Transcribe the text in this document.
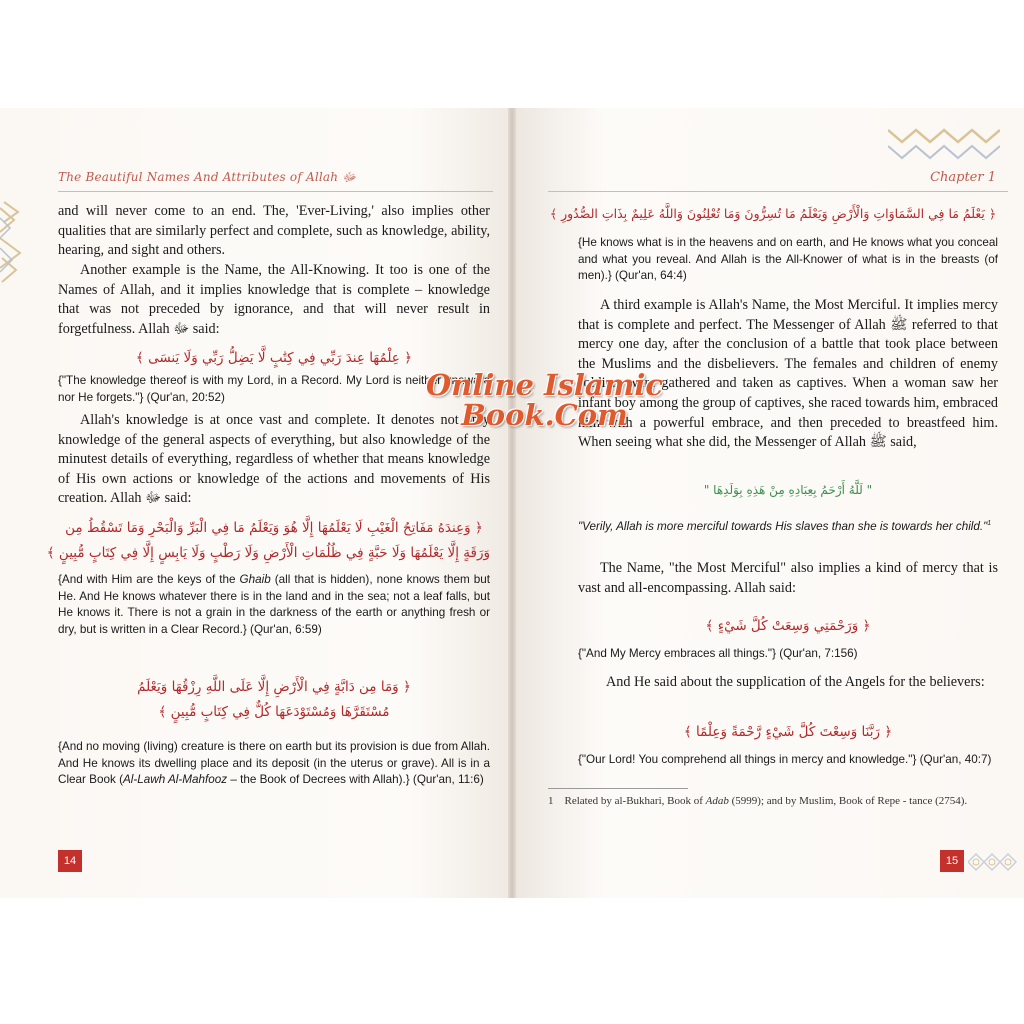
The Beautiful Names And Attributes of Allah ﷻ
and will never come to an end. The, 'Ever-Living,' also implies other qualities that are similarly perfect and complete, such as knowledge, ability, hearing, and sight and others.
Another example is the Name, the All-Knowing. It too is one of the Names of Allah, and it implies knowledge that is complete – knowledge that was not preceded by ignorance, and that will never result in forgetfulness. Allah ﷻ said:
﴿ عِلْمُهَا عِندَ رَبِّي فِي كِتَٰبٍ لَّا يَضِلُّ رَبِّي وَلَا يَنسَى ﴾
{"The knowledge thereof is with my Lord, in a Record. My Lord is neither unaware nor He forgets."} (Qur'an, 20:52)
Allah's knowledge is at once vast and complete. It denotes not only knowledge of the general aspects of everything, but also knowledge of the minutest details of everything, regardless of whether that means knowledge of His own actions or knowledge of the actions and movements of His creation. Allah ﷻ said:
﴿ وَعِندَهُ مَفَاتِحُ الْغَيْبِ لَا يَعْلَمُهَا إِلَّا هُوَ وَيَعْلَمُ مَا فِي الْبَرِّ وَالْبَحْرِ وَمَا تَسْقُطُ مِن
وَرَقَةٍ إِلَّا يَعْلَمُهَا وَلَا حَبَّةٍ فِي ظُلُمَاتِ الْأَرْضِ وَلَا رَطْبٍ وَلَا يَابِسٍ إِلَّا فِي كِتَابٍ مُّبِينٍ ﴾
{And with Him are the keys of the Ghaib (all that is hidden), none knows them but He. And He knows whatever there is in the land and in the sea; not a leaf falls, but He knows it. There is not a grain in the darkness of the earth or anything fresh or dry, but is written in a Clear Record.} (Qur'an, 6:59)
﴿ وَمَا مِن دَابَّةٍ فِي الْأَرْضِ إِلَّا عَلَى اللَّهِ رِزْقُهَا وَيَعْلَمُ
مُسْتَقَرَّهَا وَمُسْتَوْدَعَهَا كُلٌّ فِي كِتَابٍ مُّبِينٍ ﴾
{And no moving (living) creature is there on earth but its provision is due from Allah. And He knows its dwelling place and its deposit (in the uterus or grave). All is in a Clear Book (Al-Lawh Al-Mahfooz – the Book of Decrees with Allah).} (Qur'an, 11:6)
14
Chapter 1
﴿ يَعْلَمُ مَا فِي السَّمَاوَاتِ وَالْأَرْضِ وَيَعْلَمُ مَا تُسِرُّونَ وَمَا تُعْلِنُونَ وَاللَّهُ عَلِيمٌ بِذَاتِ الصُّدُورِ ﴾
{He knows what is in the heavens and on earth, and He knows what you conceal and what you reveal. And Allah is the All-Knower of what is in the breasts (of men).} (Qur'an, 64:4)
A third example is Allah's Name, the Most Merciful. It implies mercy that is complete and perfect. The Messenger of Allah ﷺ referred to that mercy one day, after the conclusion of a battle that took place between the Muslims and the disbelievers. The females and children of enemy soldiers were gathered and taken as captives. When a woman saw her infant boy among the group of captives, she raced towards him, embraced him with a powerful embrace, and then preceded to breastfeed him. When seeing what she did, the Messenger of Allah ﷺ said,
" لَلَّهُ أَرْحَمُ بِعِبَادِهِ مِنْ هَذِهِ بِوَلَدِهَا "
"Verily, Allah is more merciful towards His slaves than she is towards her child."$^1$
The Name, "the Most Merciful" also implies a kind of mercy that is vast and all-encompassing. Allah said:
﴿ وَرَحْمَتِي وَسِعَتْ كُلَّ شَيْءٍ ﴾
{"And My Mercy embraces all things."} (Qur'an, 7:156)
And He said about the supplication of the Angels for the believers:
﴿ رَبَّنَا وَسِعْتَ كُلَّ شَيْءٍ رَّحْمَةً وَعِلْمًا ﴾
{"Our Lord! You comprehend all things in mercy and knowledge."} (Qur'an, 40:7)
1 Related by al-Bukhari, Book of Adab (5999); and by Muslim, Book of Repe - tance (2754).
15
Online Islamic
Book.Com
